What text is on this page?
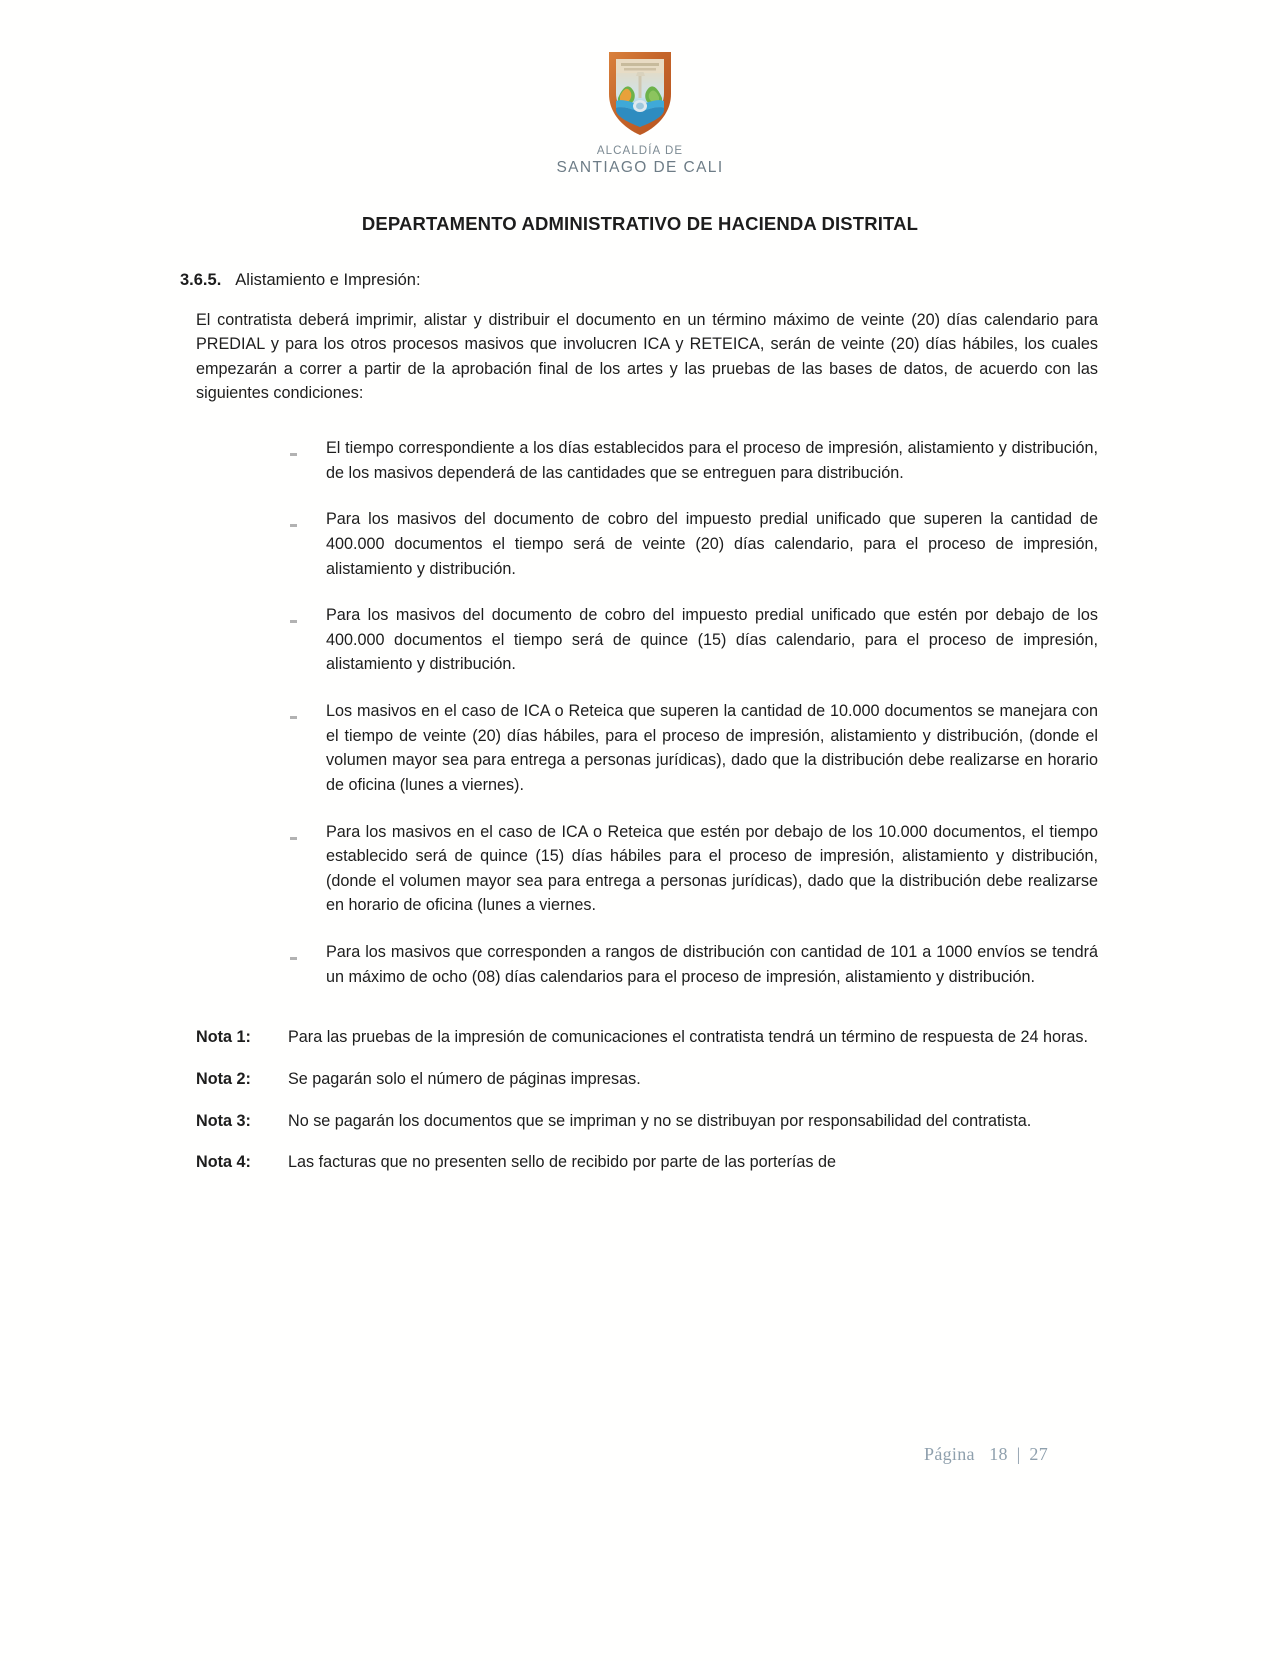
ALCALDÍA DE
SANTIAGO DE CALI
DEPARTAMENTO ADMINISTRATIVO DE HACIENDA DISTRITAL
3.6.5. Alistamiento e Impresión:

El contratista deberá imprimir, alistar y distribuir el documento en un término máximo de veinte (20) días calendario para PREDIAL y para los otros procesos masivos que involucren ICA y RETEICA, serán de veinte (20) días hábiles, los cuales empezarán a correr a partir de la aprobación final de los artes y las pruebas de las bases de datos, de acuerdo con las siguientes condiciones:

El tiempo correspondiente a los días establecidos para el proceso de impresión, alistamiento y distribución, de los masivos dependerá de las cantidades que se entreguen para distribución.
Para los masivos del documento de cobro del impuesto predial unificado que superen la cantidad de 400.000 documentos el tiempo será de veinte (20) días calendario, para el proceso de impresión, alistamiento y distribución.
Para los masivos del documento de cobro del impuesto predial unificado que estén por debajo de los 400.000 documentos el tiempo será de quince (15) días calendario, para el proceso de impresión, alistamiento y distribución.
Los masivos en el caso de ICA o Reteica que superen la cantidad de 10.000 documentos se manejara con el tiempo de veinte (20) días hábiles, para el proceso de impresión, alistamiento y distribución, (donde el volumen mayor sea para entrega a personas jurídicas), dado que la distribución debe realizarse en horario de oficina (lunes a viernes).
Para los masivos en el caso de ICA o Reteica que estén por debajo de los 10.000 documentos, el tiempo establecido será de quince (15) días hábiles para el proceso de impresión, alistamiento y distribución, (donde el volumen mayor sea para entrega a personas jurídicas), dado que la distribución debe realizarse en horario de oficina (lunes a viernes.
Para los masivos que corresponden a rangos de distribución con cantidad de 101 a 1000 envíos se tendrá un máximo de ocho (08) días calendarios para el proceso de impresión, alistamiento y distribución.
Nota 1:	Para las pruebas de la impresión de comunicaciones el contratista tendrá un término de respuesta de 24 horas.
Nota 2:	Se pagarán solo el número de páginas impresas.
Nota 3:	No se pagarán los documentos que se impriman y no se distribuyan por responsabilidad del contratista.
Nota 4:	Las facturas que no presenten sello de recibido por parte de las porterías de
Página 18 | 27
